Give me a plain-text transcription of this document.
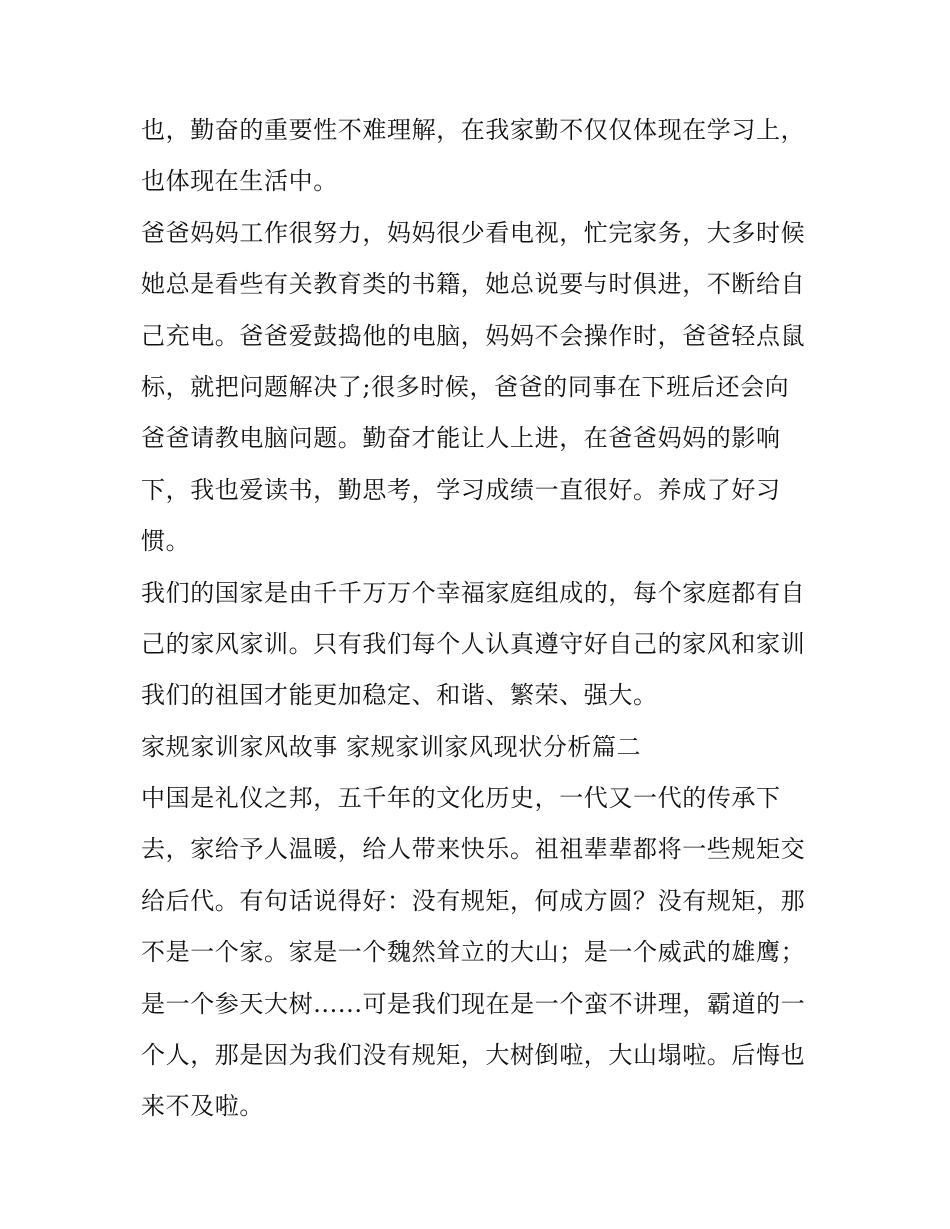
也，勤奋的重要性不难理解，在我家勤不仅仅体现在学习上，
也体现在生活中。
爸爸妈妈工作很努力，妈妈很少看电视，忙完家务，大多时候
她总是看些有关教育类的书籍，她总说要与时俱进，不断给自
己充电。爸爸爱鼓捣他的电脑，妈妈不会操作时，爸爸轻点鼠
标，就把问题解决了;很多时候，爸爸的同事在下班后还会向
爸爸请教电脑问题。勤奋才能让人上进，在爸爸妈妈的影响
下，我也爱读书，勤思考，学习成绩一直很好。养成了好习
惯。
我们的国家是由千千万万个幸福家庭组成的，每个家庭都有自
己的家风家训。只有我们每个人认真遵守好自己的家风和家训
我们的祖国才能更加稳定、和谐、繁荣、强大。
家规家训家风故事 家规家训家风现状分析篇二
中国是礼仪之邦，五千年的文化历史，一代又一代的传承下
去，家给予人温暖，给人带来快乐。祖祖辈辈都将一些规矩交
给后代。有句话说得好：没有规矩，何成方圆？没有规矩，那
不是一个家。家是一个魏然耸立的大山；是一个威武的雄鹰；
是一个参天大树......可是我们现在是一个蛮不讲理，霸道的一
个人，那是因为我们没有规矩，大树倒啦，大山塌啦。后悔也
来不及啦。
